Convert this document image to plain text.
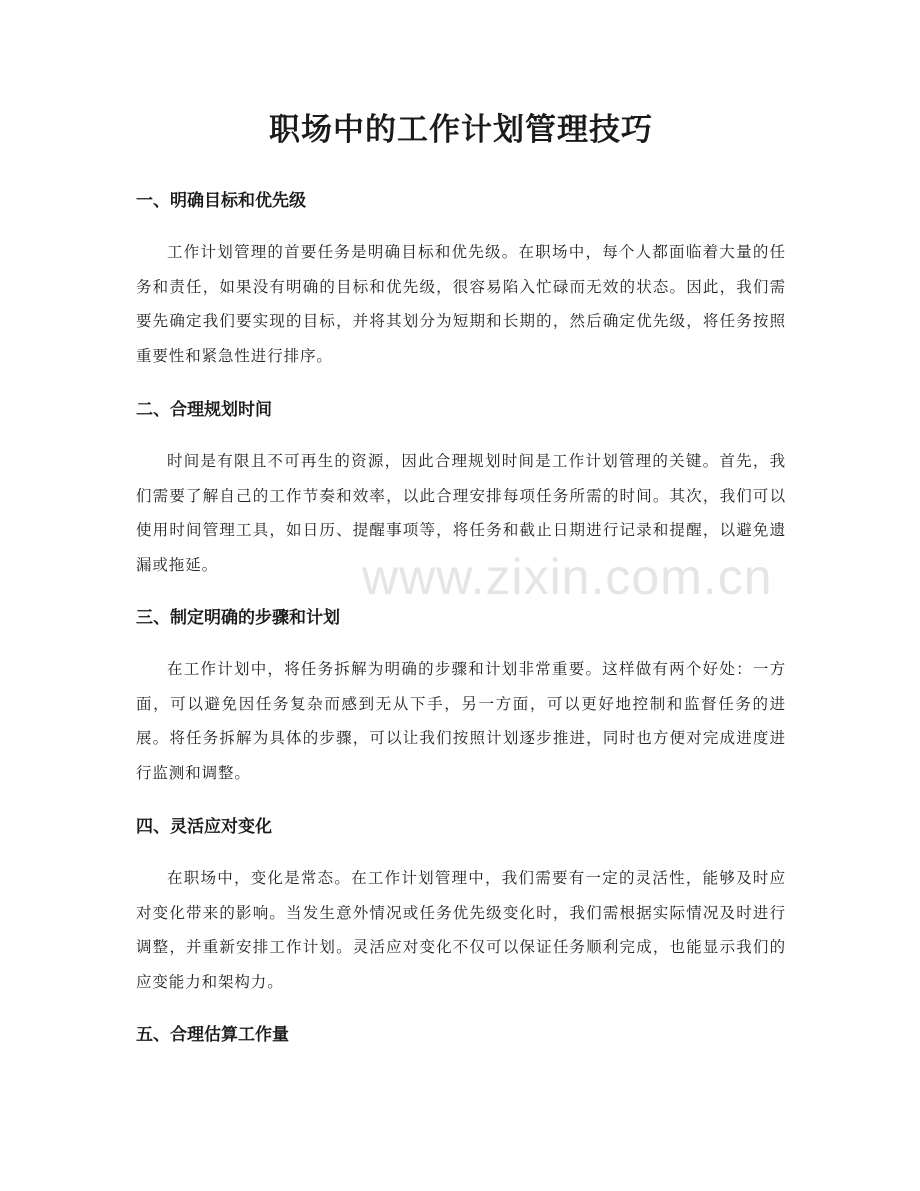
职场中的工作计划管理技巧
一、明确目标和优先级

工作计划管理的首要任务是明确目标和优先级。在职场中，每个人都面临着大量的任务和责任，如果没有明确的目标和优先级，很容易陷入忙碌而无效的状态。因此，我们需要先确定我们要实现的目标，并将其划分为短期和长期的，然后确定优先级，将任务按照重要性和紧急性进行排序。

二、合理规划时间

时间是有限且不可再生的资源，因此合理规划时间是工作计划管理的关键。首先，我们需要了解自己的工作节奏和效率，以此合理安排每项任务所需的时间。其次，我们可以使用时间管理工具，如日历、提醒事项等，将任务和截止日期进行记录和提醒，以避免遗漏或拖延。

三、制定明确的步骤和计划

在工作计划中，将任务拆解为明确的步骤和计划非常重要。这样做有两个好处：一方面，可以避免因任务复杂而感到无从下手，另一方面，可以更好地控制和监督任务的进展。将任务拆解为具体的步骤，可以让我们按照计划逐步推进，同时也方便对完成进度进行监测和调整。

四、灵活应对变化

在职场中，变化是常态。在工作计划管理中，我们需要有一定的灵活性，能够及时应对变化带来的影响。当发生意外情况或任务优先级变化时，我们需根据实际情况及时进行调整，并重新安排工作计划。灵活应对变化不仅可以保证任务顺利完成，也能显示我们的应变能力和架构力。

五、合理估算工作量
www.zixin.com.cn
